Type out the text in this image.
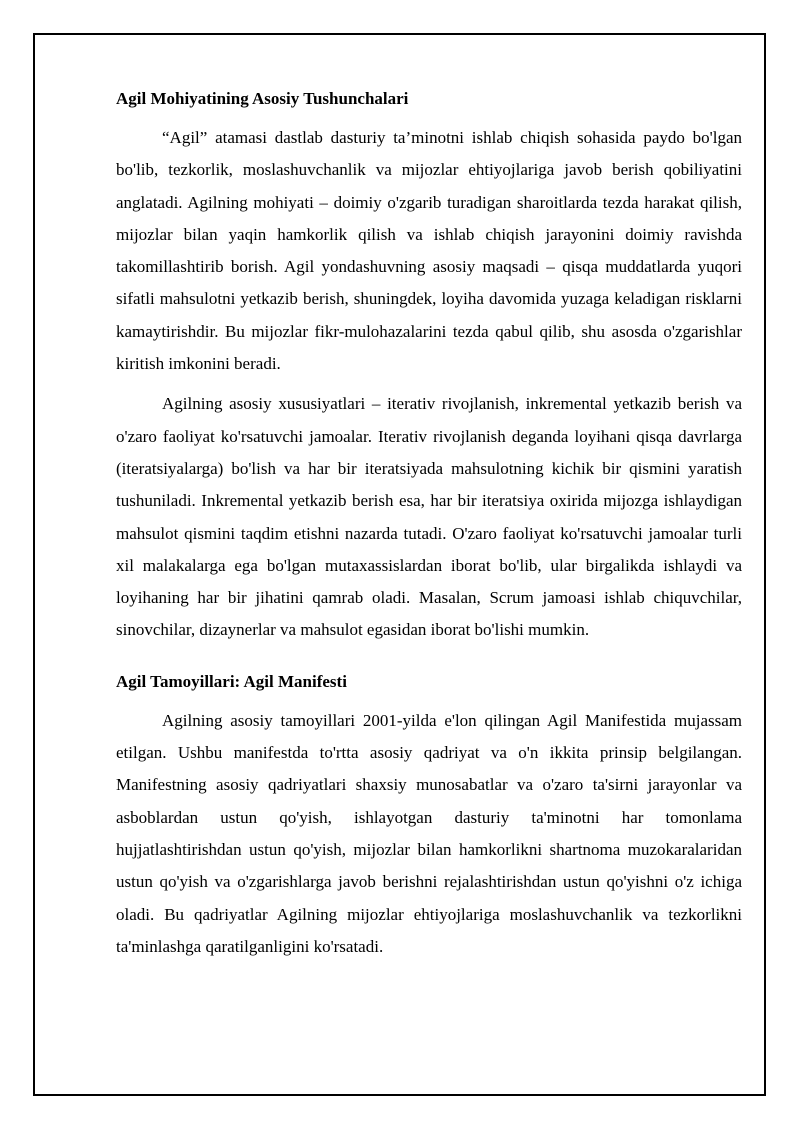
Agil Mohiyatining Asosiy Tushunchalari

“Agil” atamasi dastlab dasturiy ta’minotni ishlab chiqish sohasida paydo bo'lgan bo'lib, tezkorlik, moslashuvchanlik va mijozlar ehtiyojlariga javob berish qobiliyatini anglatadi. Agilning mohiyati – doimiy o'zgarib turadigan sharoitlarda tezda harakat qilish, mijozlar bilan yaqin hamkorlik qilish va ishlab chiqish jarayonini doimiy ravishda takomillashtirib borish. Agil yondashuvning asosiy maqsadi – qisqa muddatlarda yuqori sifatli mahsulotni yetkazib berish, shuningdek, loyiha davomida yuzaga keladigan risklarni kamaytirishdir. Bu mijozlar fikr-mulohazalarini tezda qabul qilib, shu asosda o'zgarishlar kiritish imkonini beradi.

Agilning asosiy xususiyatlari – iterativ rivojlanish, inkremental yetkazib berish va o'zaro faoliyat ko'rsatuvchi jamoalar. Iterativ rivojlanish deganda loyihani qisqa davrlarga (iteratsiyalarga) bo'lish va har bir iteratsiyada mahsulotning kichik bir qismini yaratish tushuniladi. Inkremental yetkazib berish esa, har bir iteratsiya oxirida mijozga ishlaydigan mahsulot qismini taqdim etishni nazarda tutadi. O'zaro faoliyat ko'rsatuvchi jamoalar turli xil malakalarga ega bo'lgan mutaxassislardan iborat bo'lib, ular birgalikda ishlaydi va loyihaning har bir jihatini qamrab oladi. Masalan, Scrum jamoasi ishlab chiquvchilar, sinovchilar, dizaynerlar va mahsulot egasidan iborat bo'lishi mumkin.

Agil Tamoyillari: Agil Manifesti

Agilning asosiy tamoyillari 2001-yilda e'lon qilingan Agil Manifestida mujassam etilgan. Ushbu manifestda to'rtta asosiy qadriyat va o'n ikkita prinsip belgilangan. Manifestning asosiy qadriyatlari shaxsiy munosabatlar va o'zaro ta'sirni jarayonlar va asboblardan ustun qo'yish, ishlayotgan dasturiy ta'minotni har tomonlama hujjatlashtirishdan ustun qo'yish, mijozlar bilan hamkorlikni shartnoma muzokaralaridan ustun qo'yish va o'zgarishlarga javob berishni rejalashtirishdan ustun qo'yishni o'z ichiga oladi. Bu qadriyatlar Agilning mijozlar ehtiyojlariga moslashuvchanlik va tezkorlikni ta'minlashga qaratilganligini ko'rsatadi.
